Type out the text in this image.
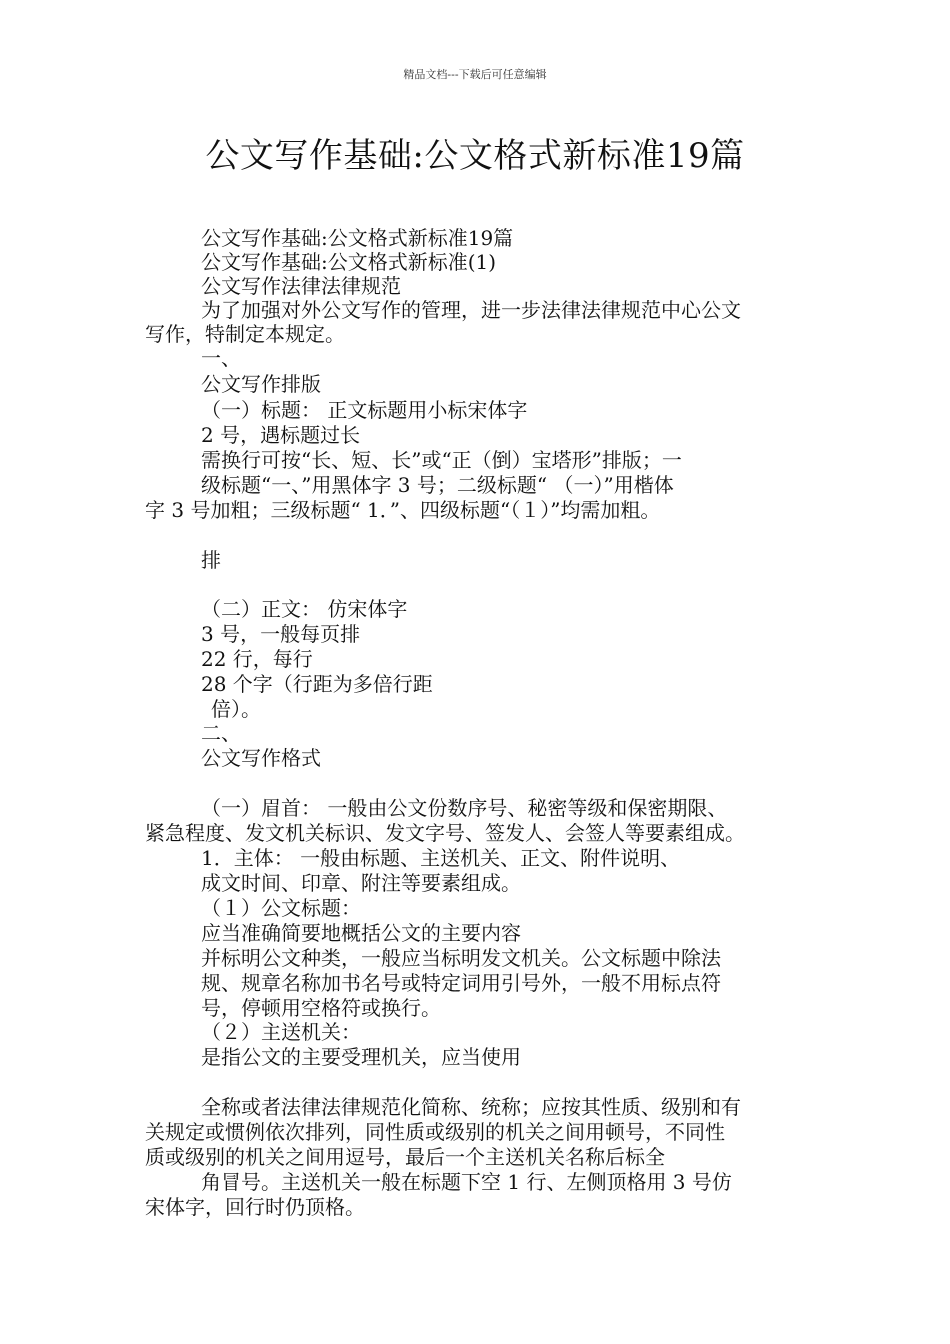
精品文档---下载后可任意编辑
公文写作基础:公文格式新标准19篇
公文写作基础:公文格式新标准19篇
公文写作基础:公文格式新标准(1)
公文写作法律法律规范
为了加强对外公文写作的管理，进一步法律法律规范中心公文
写作，特制定本规定。
一、
公文写作排版
（一）标题： 正文标题用小标宋体字
2 号，遇标题过长
需换行可按“长、短、长”或“正（倒）宝塔形”排版；一
级标题“一、”用黑体字 3 号；二级标题“ （一）”用楷体
字 3 号加粗；三级标题“ 1．”、四级标题“（１）”均需加粗。
排
（二）正文： 仿宋体字
3 号，一般每页排
22 行，每行
28 个字（行距为多倍行距
倍）。
二、
公文写作格式
（一）眉首： 一般由公文份数序号、秘密等级和保密期限、
紧急程度、发文机关标识、发文字号、签发人、会签人等要素组成。
1．主体： 一般由标题、主送机关、正文、附件说明、
成文时间、印章、附注等要素组成。
（１）公文标题：
应当准确简要地概括公文的主要内容
并标明公文种类，一般应当标明发文机关。公文标题中除法
规、规章名称加书名号或特定词用引号外，一般不用标点符
号，停顿用空格符或换行。
（２）主送机关：
是指公文的主要受理机关，应当使用
全称或者法律法律规范化简称、统称；应按其性质、级别和有
关规定或惯例依次排列，同性质或级别的机关之间用顿号，不同性
质或级别的机关之间用逗号，最后一个主送机关名称后标全
角冒号。主送机关一般在标题下空 1 行、左侧顶格用 3 号仿
宋体字，回行时仍顶格。
